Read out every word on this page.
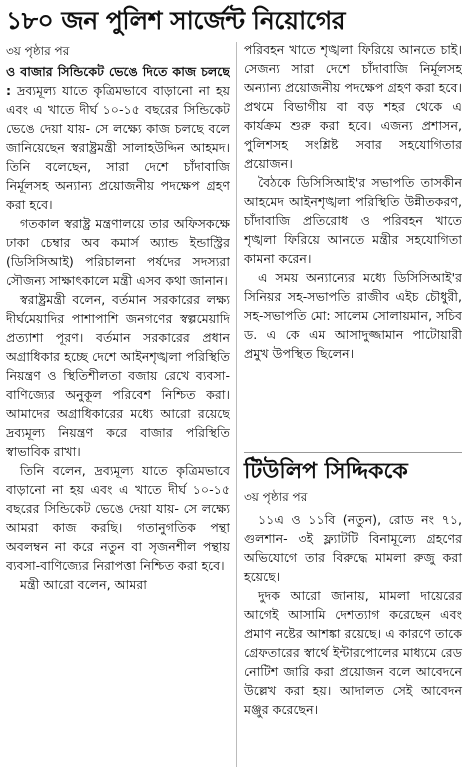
১৮০ জন পুলিশ সার্জেন্ট নিয়োগের
৩য় পৃষ্ঠার পর

ও বাজার সিন্ডিকেট ভেঙে দিতে কাজ চলছে : দ্রব্যমূল্য যাতে কৃত্রিমভাবে বাড়ানো না হয় এবং এ খাতে দীর্ঘ ১০-১৫ বছরের সিন্ডিকেট ভেঙে দেয়া যায়- সে লক্ষ্যে কাজ চলছে বলে জানিয়েছেন স্বরাষ্ট্রমন্ত্রী সালাহউদ্দিন আহমদ। তিনি বলেছেন, সারা দেশে চাঁদাবাজি নির্মূলসহ অন্যান্য প্রয়োজনীয় পদক্ষেপ গ্রহণ করা হবে।

গতকাল স্বরাষ্ট্র মন্ত্রণালয়ে তার অফিসকক্ষে ঢাকা চেম্বার অব কমার্স অ্যান্ড ইন্ডাস্ট্রির (ডিসিসিআই) পরিচালনা পর্ষদের সদস্যরা সৌজন্য সাক্ষাৎকালে মন্ত্রী এসব কথা জানান।

স্বরাষ্ট্রমন্ত্রী বলেন, বর্তমান সরকারের লক্ষ্য দীর্ঘমেয়াদির পাশাপাশি জনগণের স্বল্পমেয়াদি প্রত্যাশা পূরণ। বর্তমান সরকারের প্রধান অগ্রাধিকার হচ্ছে দেশে আইনশৃঙ্খলা পরিস্থিতি নিয়ন্ত্রণ ও স্থিতিশীলতা বজায় রেখে ব্যবসা-বাণিজ্যের অনুকূল পরিবেশ নিশ্চিত করা। আমাদের অগ্রাধিকারের মধ্যে আরো রয়েছে দ্রব্যমূল্য নিয়ন্ত্রণ করে বাজার পরিস্থিতি স্বাভাবিক রাখা।

তিনি বলেন, দ্রব্যমূল্য যাতে কৃত্রিমভাবে বাড়ানো না হয় এবং এ খাতে দীর্ঘ ১০-১৫ বছরের সিন্ডিকেট ভেঙে দেয়া যায়- সে লক্ষ্যে আমরা কাজ করছি। গতানুগতিক পন্থা অবলম্বন না করে নতুন বা সৃজনশীল পন্থায় ব্যবসা-বাণিজ্যের নিরাপত্তা নিশ্চিত করা হবে।

মন্ত্রী আরো বলেন, আমরা

পরিবহন খাতে শৃঙ্খলা ফিরিয়ে আনতে চাই। সেজন্য সারা দেশে চাঁদাবাজি নির্মূলসহ অন্যান্য প্রয়োজনীয় পদক্ষেপ গ্রহণ করা হবে। প্রথমে বিভাগীয় বা বড় শহর থেকে এ কার্যক্রম শুরু করা হবে। এজন্য প্রশাসন, পুলিশসহ সংশ্লিষ্ট সবার সহযোগিতার প্রয়োজন।

বৈঠকে ডিসিসিআই'র সভাপতি তাসকীন আহমেদ আইনশৃঙ্খলা পরিস্থিতি উন্নীতকরণ, চাঁদাবাজি প্রতিরোধ ও পরিবহন খাতে শৃঙ্খলা ফিরিয়ে আনতে মন্ত্রীর সহযোগিতা কামনা করেন।

এ সময় অন্যান্যের মধ্যে ডিসিসিআই'র সিনিয়র সহ-সভাপতি রাজীব এইচ চৌধুরী, সহ-সভাপতি মো: সালেম সোলায়মান, সচিব ড. এ কে এম আসাদুজ্জামান পাটোয়ারী প্রমুখ উপস্থিত ছিলেন।

টিউলিপ সিদ্দিককে
৩য় পৃষ্ঠার পর

১১এ ও ১১বি (নতুন), রোড নং ৭১, গুলশান- ৩ই ফ্ল্যাটটি বিনামূল্যে গ্রহণের অভিযোগে তার বিরুদ্ধে মামলা রুজু করা হয়েছে।

দুদক আরো জানায়, মামলা দায়েরের আগেই আসামি দেশত্যাগ করেছেন এবং প্রমাণ নষ্টের আশঙ্কা রয়েছে। এ কারণে তাকে গ্রেফতারের স্বার্থে ইন্টারপোলের মাধ্যমে রেড নোটিশ জারি করা প্রয়োজন বলে আবেদনে উল্লেখ করা হয়। আদালত সেই আবেদন মঞ্জুর করেছেন।
